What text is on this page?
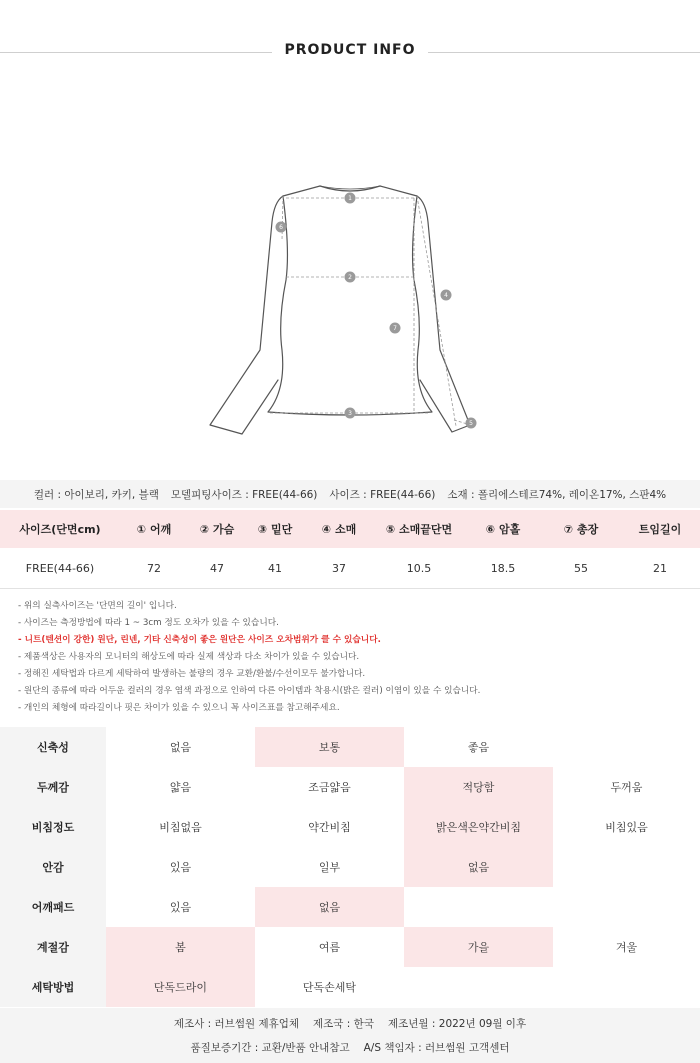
PRODUCT INFO
1
2
3
4
5
6
7
컬러 : 아이보리, 카키, 블랙 모델피팅사이즈 : FREE(44-66) 사이즈 : FREE(44-66) 소재 : 폴리에스테르74%, 레이온17%, 스판4%
사이즈(단면cm)	① 어깨	② 가슴	③ 밑단	④ 소매	⑤ 소매끝단면	⑥ 암홀	⑦ 총장	트임길이
FREE(44-66)	72	47	41	37	10.5	18.5	55	21
- 위의 실측사이즈는 '단면의 길이' 입니다.
- 사이즈는 측정방법에 따라 1 ~ 3cm 정도 오차가 있을 수 있습니다.
- 니트(텐션이 강한) 원단, 린넨, 기타 신축성이 좋은 원단은 사이즈 오차범위가 클 수 있습니다.
- 제품색상은 사용자의 모니터의 해상도에 따라 실제 색상과 다소 차이가 있을 수 있습니다.
- 정해진 세탁법과 다르게 세탁하여 발생하는 불량의 경우 교환/환불/수선이모두 불가합니다.
- 원단의 종류에 따라 어두운 컬러의 경우 염색 과정으로 인하여 다른 아이템과 착용시(밝은 컬러) 이염이 있을 수 있습니다.
- 개인의 체형에 따라길이나 핏은 차이가 있을 수 있으니 꼭 사이즈표를 참고해주세요.
신축성	없음	보통	좋음
두께감	얇음	조금얇음	적당함	두꺼움
비침정도	비침없음	약간비침	밝은색은약간비침	비침있음
안감	있음	일부	없음
어깨패드	있음	없음
계절감	봄	여름	가을	겨울
세탁방법	단독드라이	단독손세탁
제조사 : 러브썸원 제휴업체 제조국 : 한국 제조년월 : 2022년 09월 이후
품질보증기간 : 교환/반품 안내참고 A/S 책임자 : 러브썸원 고객센터
